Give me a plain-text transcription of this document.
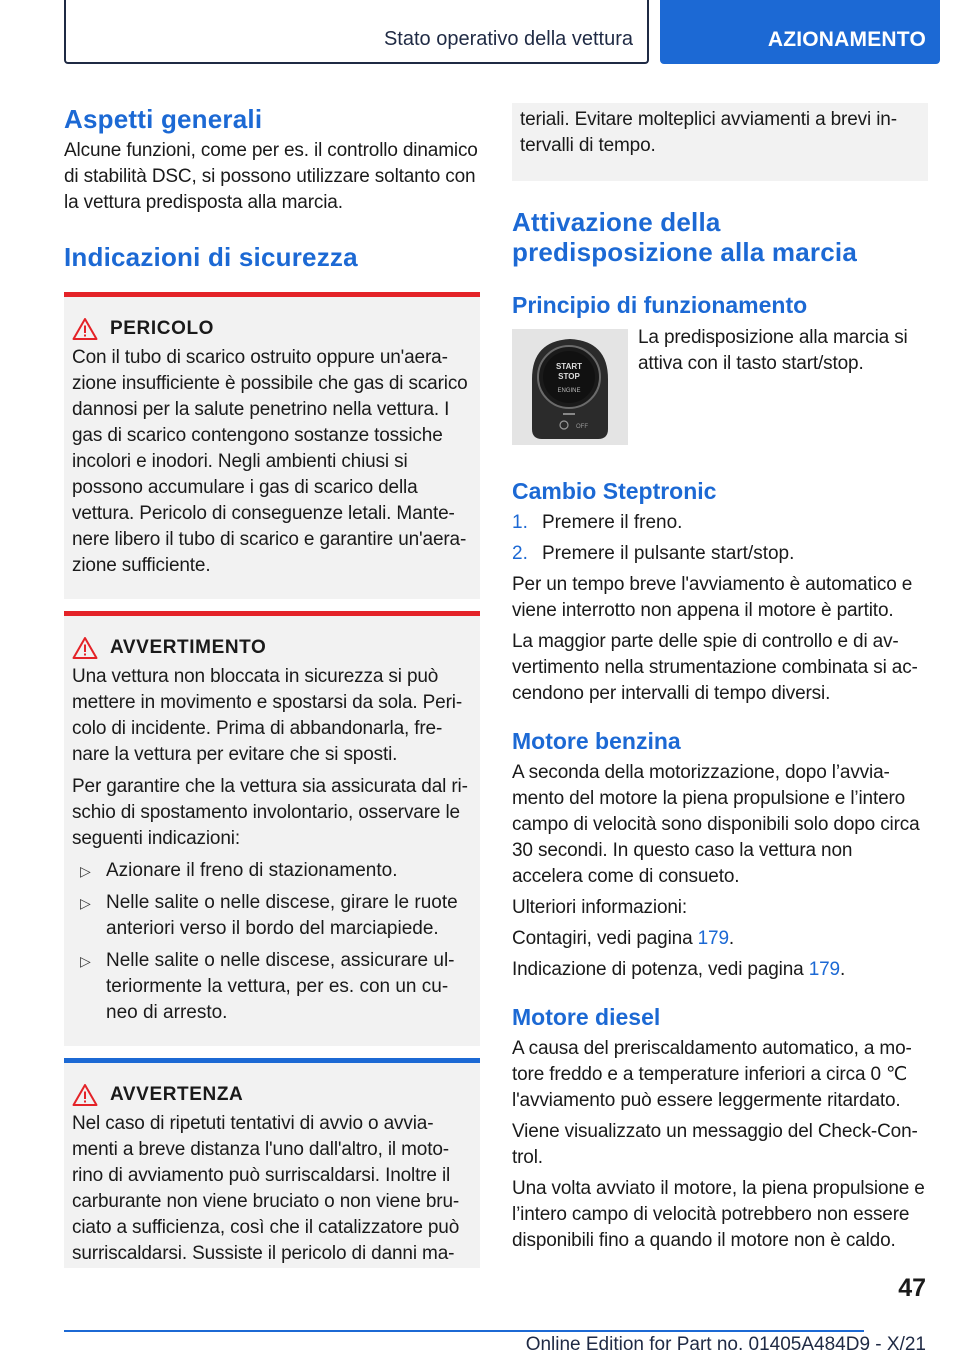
Stato operativo della vettura	AZIONAMENTO
Aspetti generali

Alcune funzioni, come per es. il controllo dinamico di stabilità DSC, si possono utilizzare soltanto con la vettura predisposta alla marcia.

Indicazioni di sicurezza
PERICOLO

Con il tubo di scarico ostruito oppure un'aerazione insufficiente è possibile che gas di scarico dannosi per la salute penetrino nella vettura. I gas di scarico contengono sostanze tossiche incolori e inodori. Negli ambienti chiusi si possono accumulare i gas di scarico della vettura. Pericolo di conseguenze letali. Mantenere libero il tubo di scarico e garantire un'aerazione sufficiente.

AVVERTIMENTO

Una vettura non bloccata in sicurezza si può mettere in movimento e spostarsi da sola. Pericolo di incidente. Prima di abbandonarla, frenare la vettura per evitare che si sposti.

Per garantire che la vettura sia assicurata dal rischio di spostamento involontario, osservare le seguenti indicazioni:

▷ Azionare il freno di stazionamento.
▷ Nelle salite o nelle discese, girare le ruote anteriori verso il bordo del marciapiede.
▷ Nelle salite o nelle discese, assicurare ulteriormente la vettura, per es. con un cuneo di arresto.
AVVERTENZA

Nel caso di ripetuti tentativi di avvio o avviamenti a breve distanza l'uno dall'altro, il motorino di avviamento può surriscaldarsi. Inoltre il carburante non viene bruciato o non viene bruciato a sufficienza, così che il catalizzatore può surriscaldarsi. Sussiste il pericolo di danni ma-

teriali. Evitare molteplici avviamenti a brevi intervalli di tempo.

Attivazione della predisposizione alla marcia
Principio di funzionamento
START
STOP
ENGINE
OFF

La predisposizione alla marcia si attiva con il tasto start/stop.

Cambio Steptronic
1. Premere il freno.
2. Premere il pulsante start/stop.

Per un tempo breve l'avviamento è automatico e viene interrotto non appena il motore è partito.

La maggior parte delle spie di controllo e di avvertimento nella strumentazione combinata si accendono per intervalli di tempo diversi.

Motore benzina

A seconda della motorizzazione, dopo l’avviamento del motore la piena propulsione e l’intero campo di velocità sono disponibili solo dopo circa 30 secondi. In questo caso la vettura non accelera come di consueto.

Ulteriori informazioni:

Contagiri, vedi pagina 179.

Indicazione di potenza, vedi pagina 179.

Motore diesel

A causa del preriscaldamento automatico, a motore freddo e a temperature inferiori a circa 0 ℃ l'avviamento può essere leggermente ritardato.

Viene visualizzato un messaggio del Check-Control.

Una volta avviato il motore, la piena propulsione e l’intero campo di velocità potrebbero non essere disponibili fino a quando il motore non è caldo.

47
Online Edition for Part no. 01405A484D9 - X/21
